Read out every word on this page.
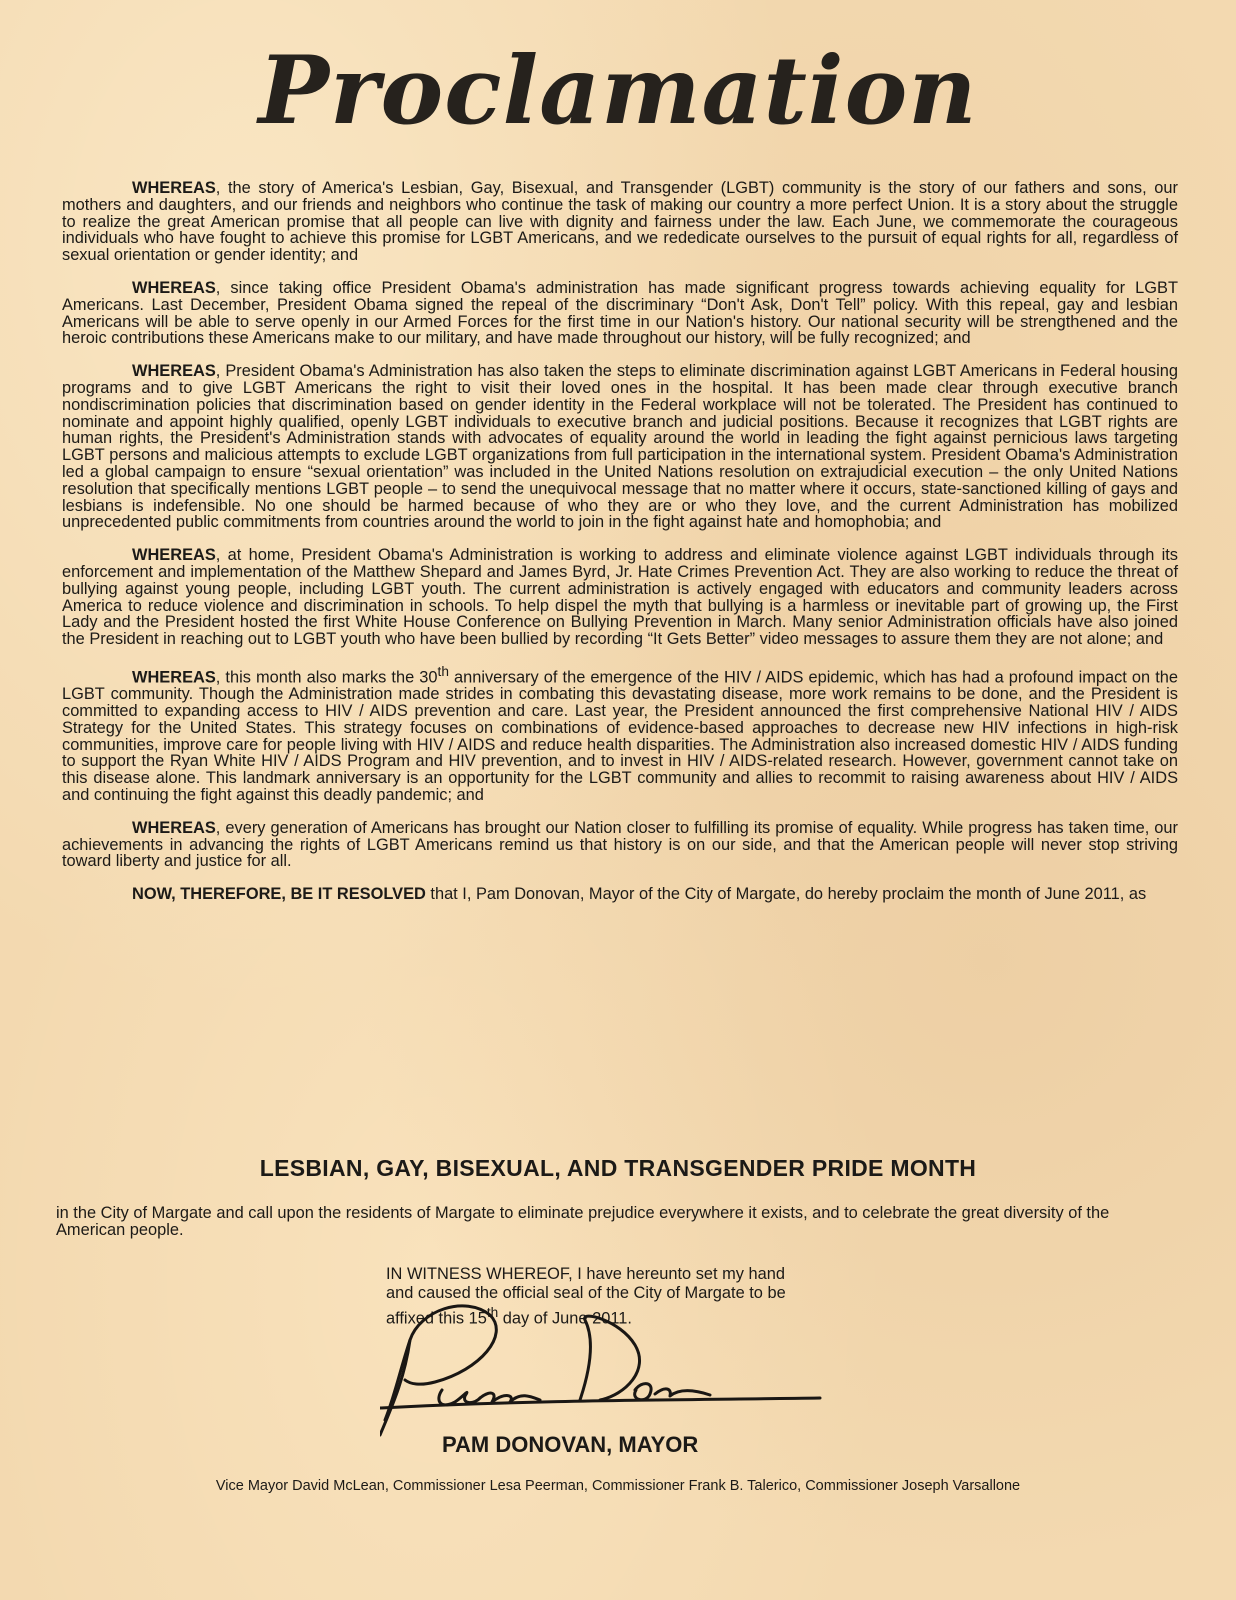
Proclamation

WHEREAS, the story of America's Lesbian, Gay, Bisexual, and Transgender (LGBT) community is the story of our fathers and sons, our mothers and daughters, and our friends and neighbors who continue the task of making our country a more perfect Union. It is a story about the struggle to realize the great American promise that all people can live with dignity and fairness under the law. Each June, we commemorate the courageous individuals who have fought to achieve this promise for LGBT Americans, and we rededicate ourselves to the pursuit of equal rights for all, regardless of sexual orientation or gender identity; and

WHEREAS, since taking office President Obama's administration has made significant progress towards achieving equality for LGBT Americans. Last December, President Obama signed the repeal of the discriminary “Don't Ask, Don't Tell” policy. With this repeal, gay and lesbian Americans will be able to serve openly in our Armed Forces for the first time in our Nation's history. Our national security will be strengthened and the heroic contributions these Americans make to our military, and have made throughout our history, will be fully recognized; and

WHEREAS, President Obama's Administration has also taken the steps to eliminate discrimination against LGBT Americans in Federal housing programs and to give LGBT Americans the right to visit their loved ones in the hospital. It has been made clear through executive branch nondiscrimination policies that discrimination based on gender identity in the Federal workplace will not be tolerated. The President has continued to nominate and appoint highly qualified, openly LGBT individuals to executive branch and judicial positions. Because it recognizes that LGBT rights are human rights, the President's Administration stands with advocates of equality around the world in leading the fight against pernicious laws targeting LGBT persons and malicious attempts to exclude LGBT organizations from full participation in the international system. President Obama's Administration led a global campaign to ensure “sexual orientation” was included in the United Nations resolution on extrajudicial execution – the only United Nations resolution that specifically mentions LGBT people – to send the unequivocal message that no matter where it occurs, state-sanctioned killing of gays and lesbians is indefensible. No one should be harmed because of who they are or who they love, and the current Administration has mobilized unprecedented public commitments from countries around the world to join in the fight against hate and homophobia; and

WHEREAS, at home, President Obama's Administration is working to address and eliminate violence against LGBT individuals through its enforcement and implementation of the Matthew Shepard and James Byrd, Jr. Hate Crimes Prevention Act. They are also working to reduce the threat of bullying against young people, including LGBT youth. The current administration is actively engaged with educators and community leaders across America to reduce violence and discrimination in schools. To help dispel the myth that bullying is a harmless or inevitable part of growing up, the First Lady and the President hosted the first White House Conference on Bullying Prevention in March. Many senior Administration officials have also joined the President in reaching out to LGBT youth who have been bullied by recording “It Gets Better” video messages to assure them they are not alone; and

WHEREAS, this month also marks the 30th anniversary of the emergence of the HIV / AIDS epidemic, which has had a profound impact on the LGBT community. Though the Administration made strides in combating this devastating disease, more work remains to be done, and the President is committed to expanding access to HIV / AIDS prevention and care. Last year, the President announced the first comprehensive National HIV / AIDS Strategy for the United States. This strategy focuses on combinations of evidence-based approaches to decrease new HIV infections in high-risk communities, improve care for people living with HIV / AIDS and reduce health disparities. The Administration also increased domestic HIV / AIDS funding to support the Ryan White HIV / AIDS Program and HIV prevention, and to invest in HIV / AIDS-related research. However, government cannot take on this disease alone. This landmark anniversary is an opportunity for the LGBT community and allies to recommit to raising awareness about HIV / AIDS and continuing the fight against this deadly pandemic; and

WHEREAS, every generation of Americans has brought our Nation closer to fulfilling its promise of equality. While progress has taken time, our achievements in advancing the rights of LGBT Americans remind us that history is on our side, and that the American people will never stop striving toward liberty and justice for all.

NOW, THEREFORE, BE IT RESOLVED that I, Pam Donovan, Mayor of the City of Margate, do hereby proclaim the month of June 2011, as

LESBIAN, GAY, BISEXUAL, AND TRANSGENDER PRIDE MONTH
in the City of Margate and call upon the residents of Margate to eliminate prejudice everywhere it exists, and to celebrate the great diversity of the American people.
IN WITNESS WHEREOF, I have hereunto set my hand
and caused the official seal of the City of Margate to be
affixed this 15th day of June 2011.
PAM DONOVAN, MAYOR
Vice Mayor David McLean, Commissioner Lesa Peerman, Commissioner Frank B. Talerico, Commissioner Joseph Varsallone
